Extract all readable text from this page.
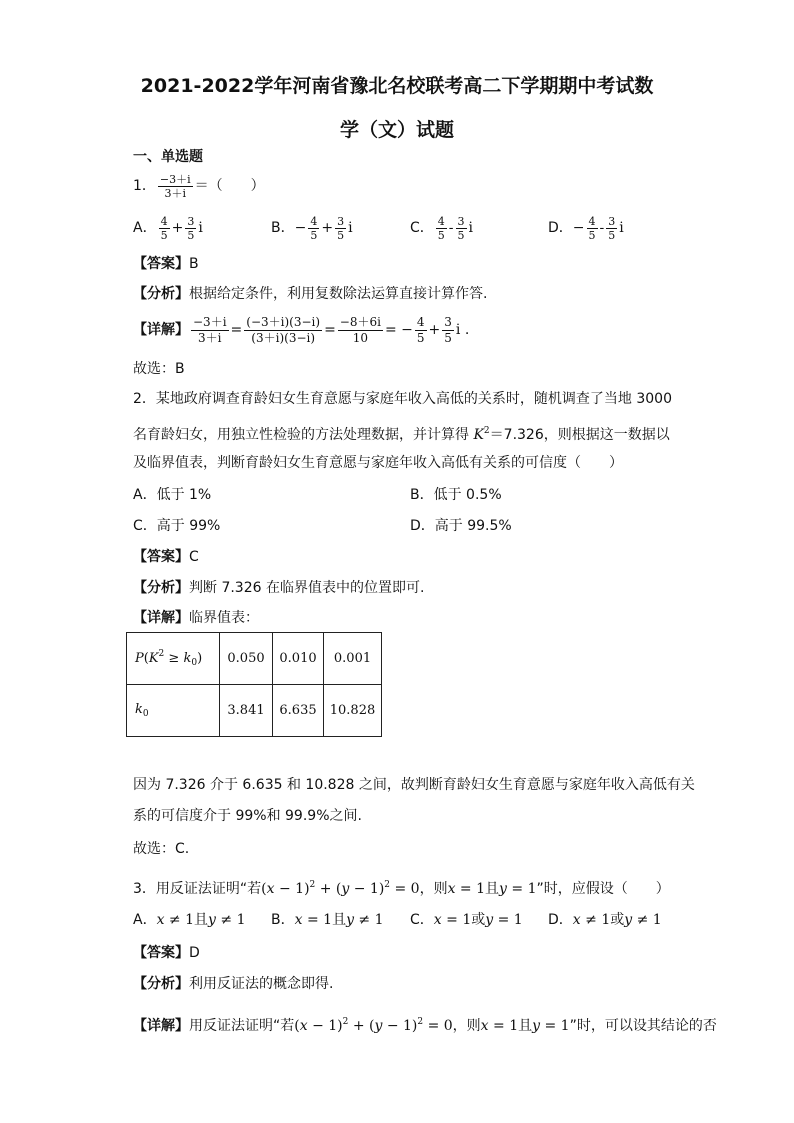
2021-2022学年河南省豫北名校联考高二下学期期中考试数
学（文）试题
一、单选题
1． $\frac{-3+i}{3+i}$ ＝（　　）
A． $\frac{4}{5} + \frac{3}{5}$ i	B． − $\frac{4}{5} + \frac{3}{5}$ i	C． $\frac{4}{5} - \frac{3}{5}$ i	D． − $\frac{4}{5} - \frac{3}{5}$ i
【答案】B
【分析】根据给定条件，利用复数除法运算直接计算作答.
【详解】 $\frac{-3+i}{3+i} = \frac{(-3+i)(3-i)}{(3+i)(3-i)} = \frac{-8+6i}{10}$ = − $\frac{4}{5} + \frac{3}{5}$ i .
故选：B
2．某地政府调查育龄妇女生育意愿与家庭年收入高低的关系时，随机调查了当地 3000
名育龄妇女，用独立性检验的方法处理数据，并计算得 $K^2=7.326$，则根据这一数据以
及临界值表，判断育龄妇女生育意愿与家庭年收入高低有关系的可信度（　　）
A．低于 1%	B．低于 0.5%
C．高于 99%	D．高于 99.5%
【答案】C
【分析】判断 7.326 在临界值表中的位置即可.
【详解】临界值表：
$P(K^2 \ge k_0)$	0.050	0.010	0.001
$k_0$	3.841	6.635	10.828
因为 7.326 介于 6.635 和 10.828 之间，故判断育龄妇女生育意愿与家庭年收入高低有关
系的可信度介于 99%和 99.9%之间.
故选：C.
3．用反证法证明“若$(x - 1)^2 + (y - 1)^2 = 0$，则x = 1且y = 1”时，应假设（　　）
A．x ≠ 1且y ≠ 1 B．x = 1且y ≠ 1 C．x = 1或y = 1 D．x ≠ 1或y ≠ 1
【答案】D
【分析】利用反证法的概念即得.
【详解】用反证法证明“若$(x - 1)^2 + (y - 1)^2 = 0$，则x = 1且y = 1”时，可以设其结论的否
